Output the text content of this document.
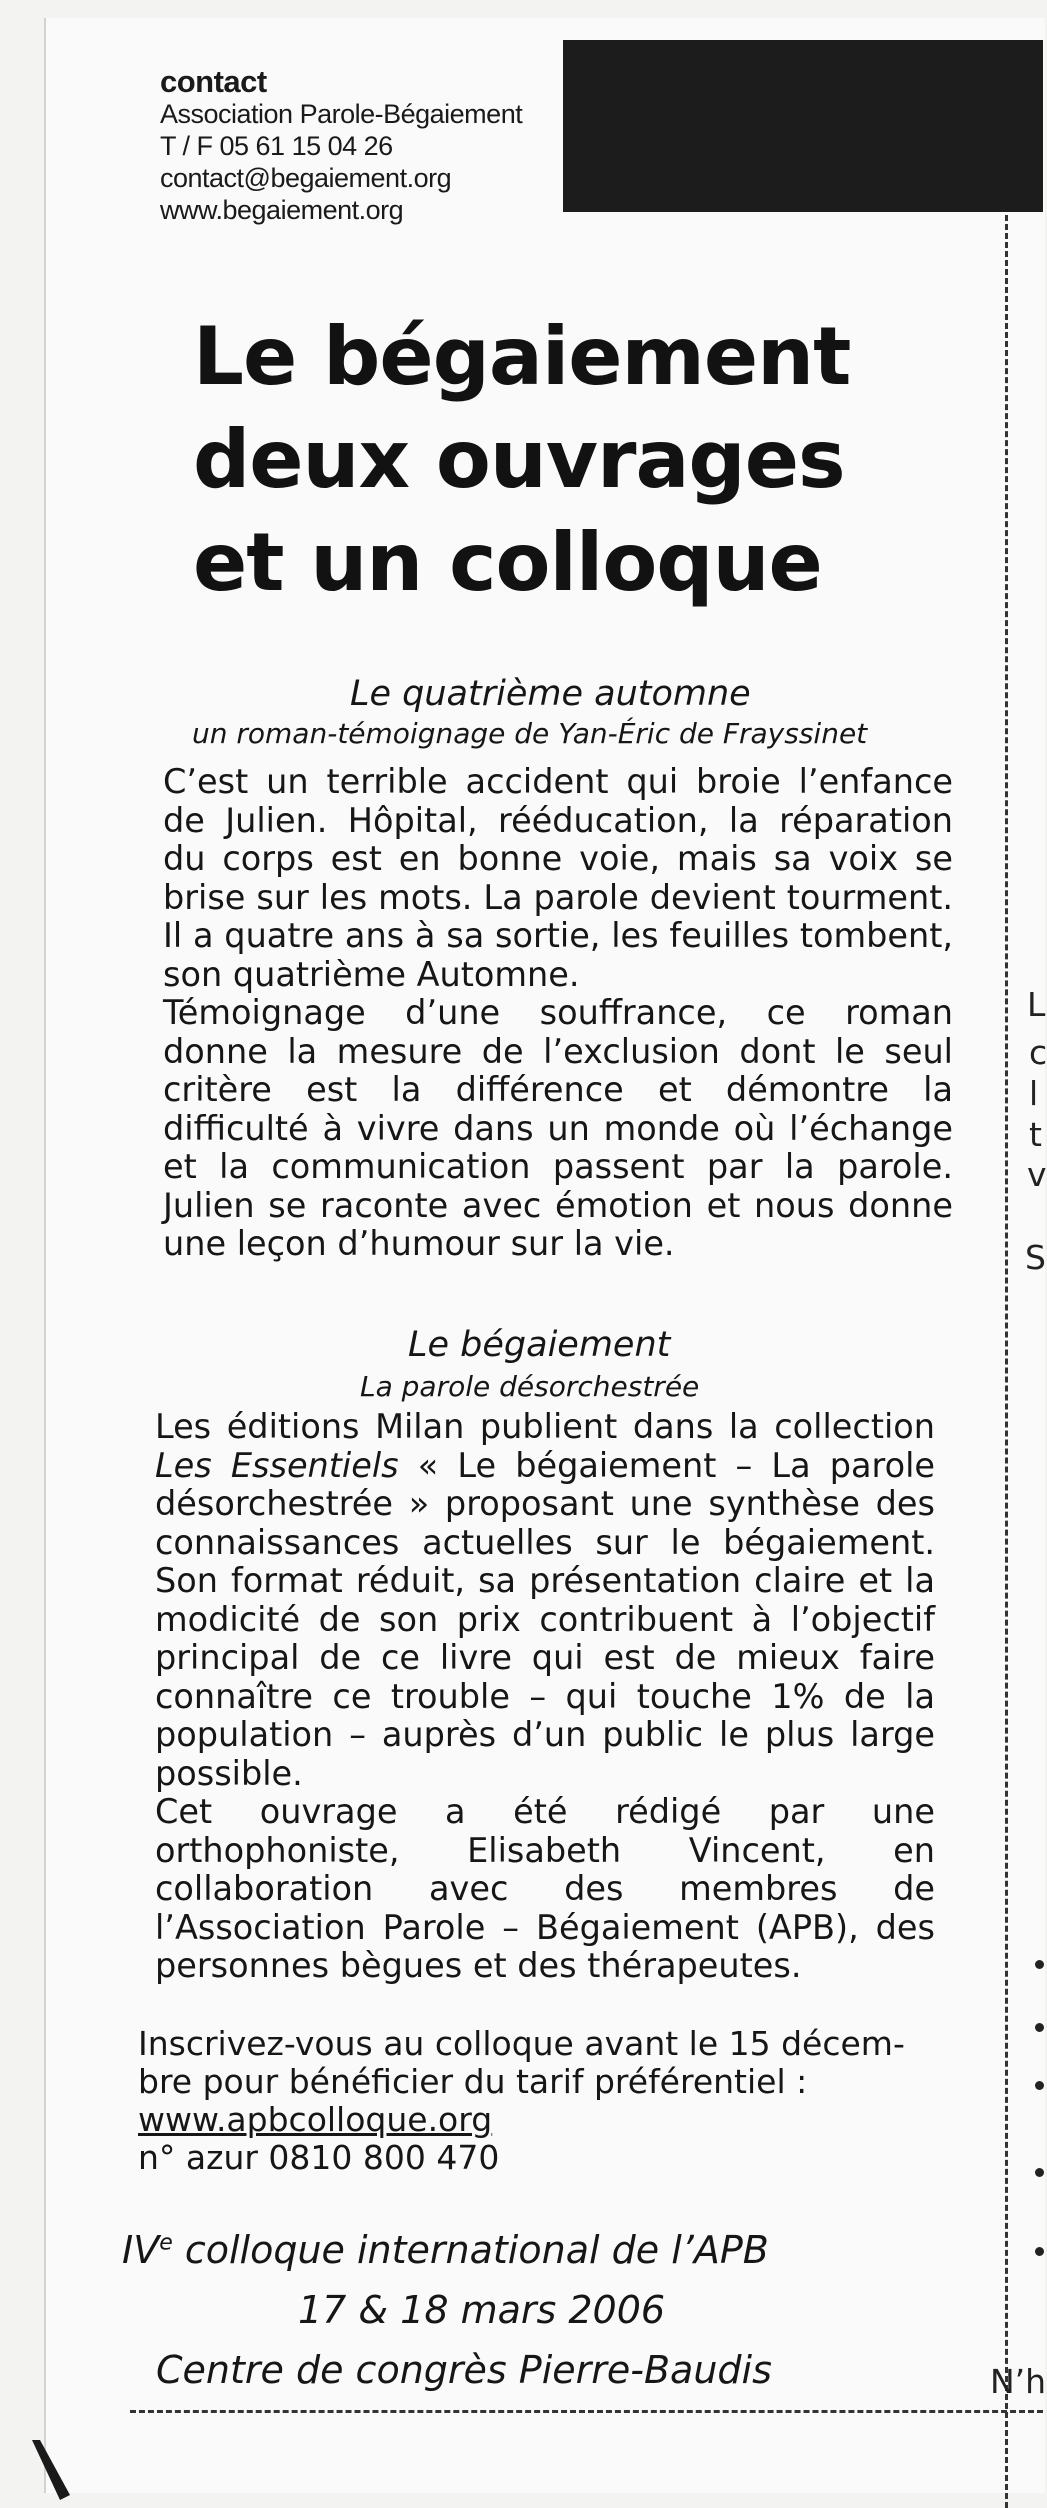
contact
Association Parole-Bégaiement
T / F 05 61 15 04 26
contact@begaiement.org
www.begaiement.org
Le bégaiement
deux ouvrages
et un colloque
Le quatrième automne
un roman-témoignage de Yan-Éric de Frayssinet

C’est un terrible accident qui broie l’enfance de Julien. Hôpital, rééducation, la réparation du corps est en bonne voie, mais sa voix se brise sur les mots. La parole devient tourment. Il a quatre ans à sa sortie, les feuilles tombent, son quatrième Automne.

Témoignage d’une souffrance, ce roman donne la mesure de l’exclusion dont le seul critère est la différence et démontre la difficulté à vivre dans un monde où l’échange et la communication passent par la parole. Julien se raconte avec émotion et nous donne une leçon d’humour sur la vie.

Le bégaiement
La parole désorchestrée

Les éditions Milan publient dans la collection Les Essentiels « Le bégaiement – La parole désorchestrée » proposant une synthèse des connaissances actuelles sur le bégaiement. Son format réduit, sa présentation claire et la modicité de son prix contribuent à l’objectif principal de ce livre qui est de mieux faire connaître ce trouble – qui touche 1% de la population – auprès d’un public le plus large possible.

Cet ouvrage a été rédigé par une orthophoniste, Elisabeth Vincent, en collaboration avec des membres de l’Association Parole – Bégaiement (APB), des personnes bègues et des thérapeutes.

Inscrivez-vous au colloque avant le 15 décem-
bre pour bénéficier du tarif préférentiel :
www.apbcolloque.org
n° azur 0810 800 470
IVe colloque international de l’APB
17 & 18 mars 2006
Centre de congrès Pierre-Baudis
L
c
l
t
v
S
N’h
